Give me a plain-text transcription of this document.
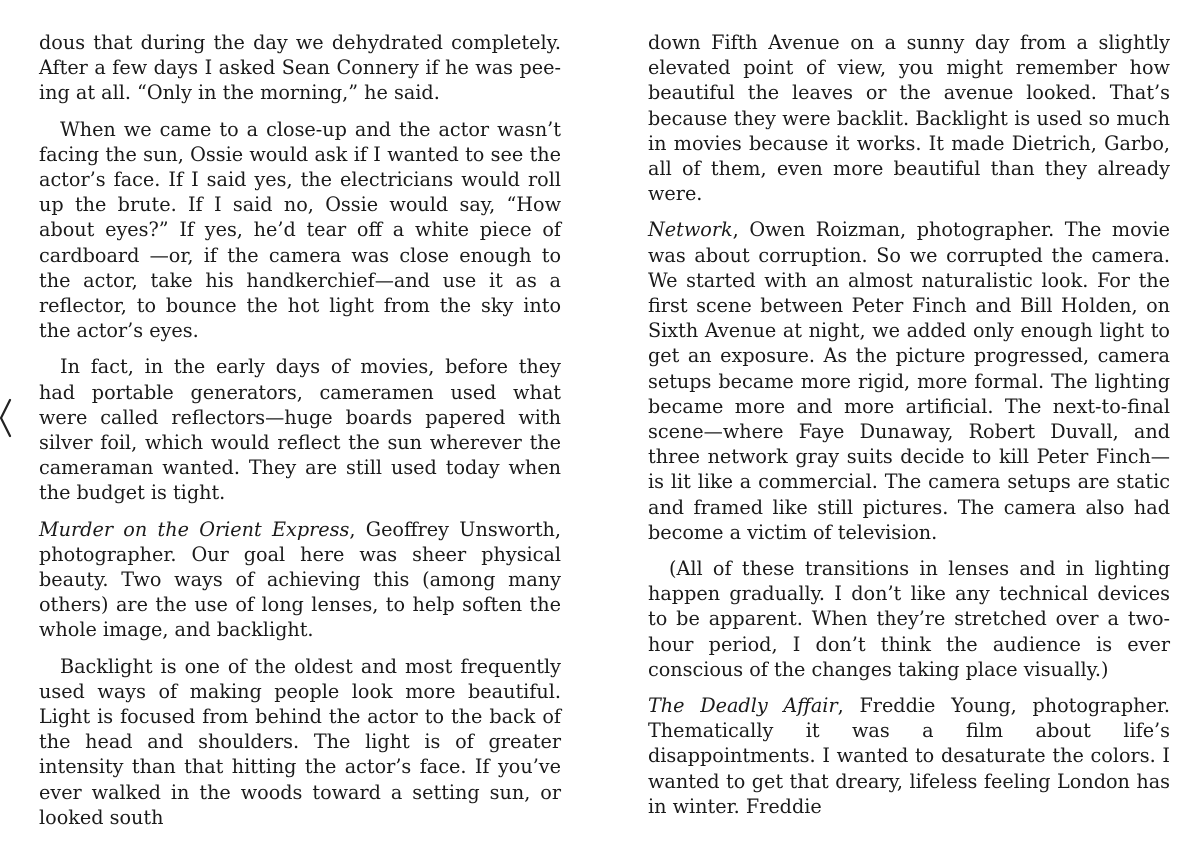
dous that during the day we dehydrated completely. After a few days I asked Sean Connery if he was peeing at all. “Only in the morning,” he said.

When we came to a close-up and the actor wasn’t facing the sun, Ossie would ask if I wanted to see the actor’s face. If I said yes, the electricians would roll up the brute. If I said no, Ossie would say, “How about eyes?” If yes, he’d tear off a white piece of cardboard —or, if the camera was close enough to the actor, take his handkerchief—and use it as a reflector, to bounce the hot light from the sky into the actor’s eyes.

In fact, in the early days of movies, before they had portable generators, cameramen used what were called reflectors—huge boards papered with silver foil, which would reflect the sun wherever the cameraman wanted. They are still used today when the budget is tight.

Murder on the Orient Express, Geoffrey Unsworth, photographer. Our goal here was sheer physical beauty. Two ways of achieving this (among many others) are the use of long lenses, to help soften the whole image, and backlight.

Backlight is one of the oldest and most frequently used ways of making people look more beautiful. Light is focused from behind the actor to the back of the head and shoulders. The light is of greater intensity than that hitting the actor’s face. If you’ve ever walked in the woods toward a setting sun, or looked south

down Fifth Avenue on a sunny day from a slightly elevated point of view, you might remember how beautiful the leaves or the avenue looked. That’s because they were backlit. Backlight is used so much in movies because it works. It made Dietrich, Garbo, all of them, even more beautiful than they already were.

Network, Owen Roizman, photographer. The movie was about corruption. So we corrupted the camera. We started with an almost naturalistic look. For the first scene between Peter Finch and Bill Holden, on Sixth Avenue at night, we added only enough light to get an exposure. As the picture progressed, camera setups became more rigid, more formal. The lighting became more and more artificial. The next-to-final scene—where Faye Dunaway, Robert Duvall, and three network gray suits decide to kill Peter Finch—is lit like a commercial. The camera setups are static and framed like still pictures. The camera also had become a victim of television.

(All of these transitions in lenses and in lighting happen gradually. I don’t like any technical devices to be apparent. When they’re stretched over a two-hour period, I don’t think the audience is ever conscious of the changes taking place visually.)

The Deadly Affair, Freddie Young, photographer. Thematically it was a film about life’s disappointments. I wanted to desaturate the colors. I wanted to get that dreary, lifeless feeling London has in winter. Freddie
